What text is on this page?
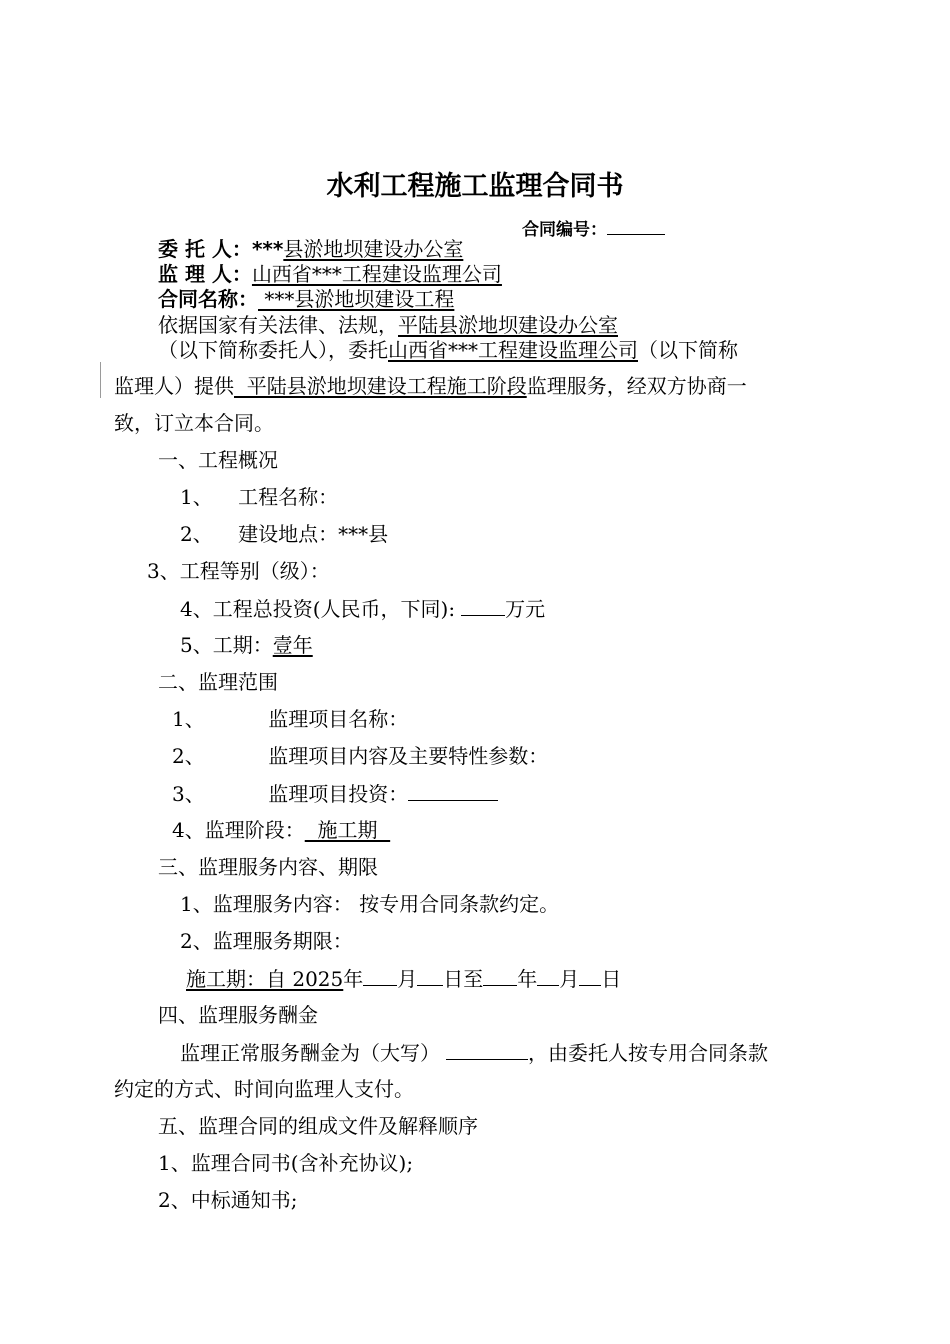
水利工程施工监理合同书
合同编号：
委 托 人：***县淤地坝建设办公室
监 理 人：山西省***工程建设监理公司
合同名称： ***县淤地坝建设工程
依据国家有关法律、法规，平陆县淤地坝建设办公室
（以下简称委托人），委托山西省***工程建设监理公司（以下简称
监理人）提供  平陆县淤地坝建设工程施工阶段监理服务，经双方协商一
致，订立本合同。
一、工程概况
1、    工程名称：
2、    建设地点：***县
3、工程等别（级）：
4、工程总投资(人民币，下同):	万元
5、工期：壹年
二、监理范围
1、          监理项目名称：
2、          监理项目内容及主要特性参数：
3、          监理项目投资：
4、监理阶段：  施工期
三、监理服务内容、期限
1、监理服务内容： 按专用合同条款约定。
2、监理服务期限：
施工期：自 2025年 月 日至 年 月 日
四、监理服务酬金
监理正常服务酬金为（大写）	，由委托人按专用合同条款
约定的方式、时间向监理人支付。
五、监理合同的组成文件及解释顺序
1、监理合同书(含补充协议);
2、中标通知书;
